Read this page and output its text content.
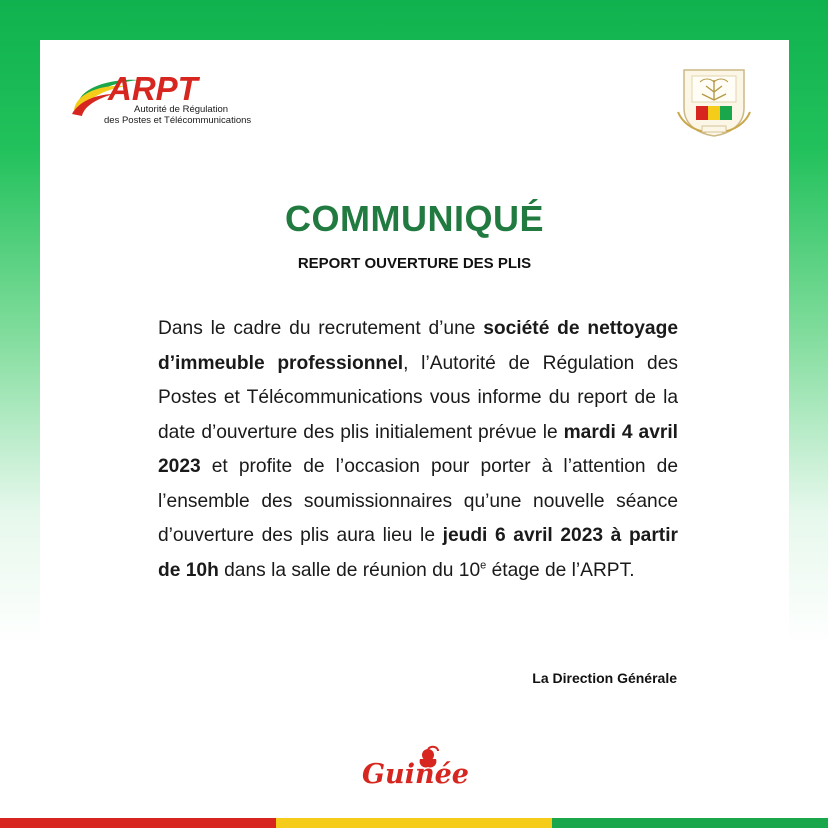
ARPT
Autorité de Régulation
des Postes et Télécommunications
COMMUNIQUÉ
REPORT OUVERTURE DES PLIS
Dans le cadre du recrutement d’une société de nettoyage d’immeuble professionnel, l’Autorité de Régulation des Postes et Télécommunications vous informe du report de la date d’ouverture des plis initialement prévue le mardi 4 avril 2023 et profite de l’occasion pour porter à l’attention de l’ensemble des soumissionnaires qu’une nouvelle séance d’ouverture des plis aura lieu le jeudi 6 avril 2023 à partir de 10h dans la salle de réunion du 10e étage de l’ARPT.
La Direction Générale
Guinée
